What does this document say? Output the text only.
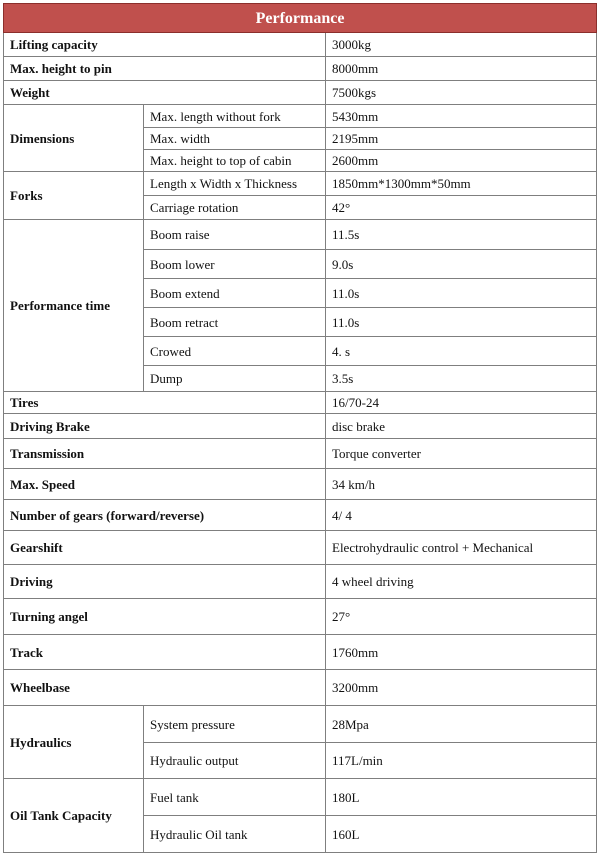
Performance		
Lifting capacity		3000kg
Max. height to pin		8000mm
Weight		7500kgs
Dimensions	Max. length without fork	5430mm
	Max. width	2195mm
	Max. height to top of cabin	2600mm
Forks	Length x Width x Thickness	1850mm*1300mm*50mm
	Carriage rotation	42°
Performance time	Boom raise	11.5s
	Boom lower	9.0s
	Boom extend	11.0s
	Boom retract	11.0s
	Crowed	4. s
	Dump	3.5s
Tires		16/70-24
Driving Brake		disc brake
Transmission		Torque converter
Max. Speed		34 km/h
Number of gears (forward/reverse)		4/ 4
Gearshift		Electrohydraulic control + Mechanical
Driving		4 wheel driving
Turning angel		27°
Track		1760mm
Wheelbase		3200mm
Hydraulics	System pressure	28Mpa
	Hydraulic output	117L/min
Oil Tank Capacity	Fuel tank	180L
	Hydraulic Oil tank	160L
